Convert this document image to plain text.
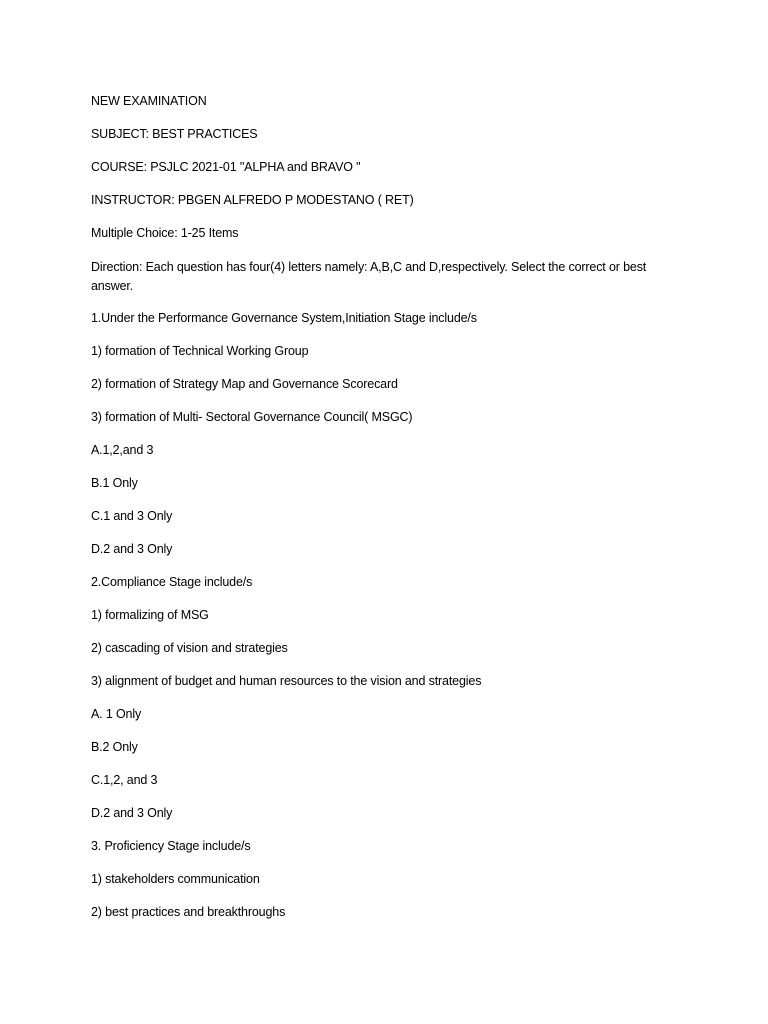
NEW EXAMINATION

SUBJECT: BEST PRACTICES

COURSE: PSJLC 2021-01 "ALPHA and BRAVO "

INSTRUCTOR: PBGEN ALFREDO P MODESTANO ( RET)

Multiple Choice: 1-25 Items

Direction: Each question has four(4) letters namely: A,B,C and D,respectively. Select the correct or best answer.

1.Under the Performance Governance System,Initiation Stage include/s

1) formation of Technical Working Group

2) formation of Strategy Map and Governance Scorecard

3) formation of Multi- Sectoral Governance Council( MSGC)

A.1,2,and 3

B.1 Only

C.1 and 3 Only

D.2 and 3 Only

2.Compliance Stage include/s

1) formalizing of MSG

2) cascading of vision and strategies

3) alignment of budget and human resources to the vision and strategies

A. 1 Only

B.2 Only

C.1,2, and 3

D.2 and 3 Only

3. Proficiency Stage include/s

1) stakeholders communication

2) best practices and breakthroughs
